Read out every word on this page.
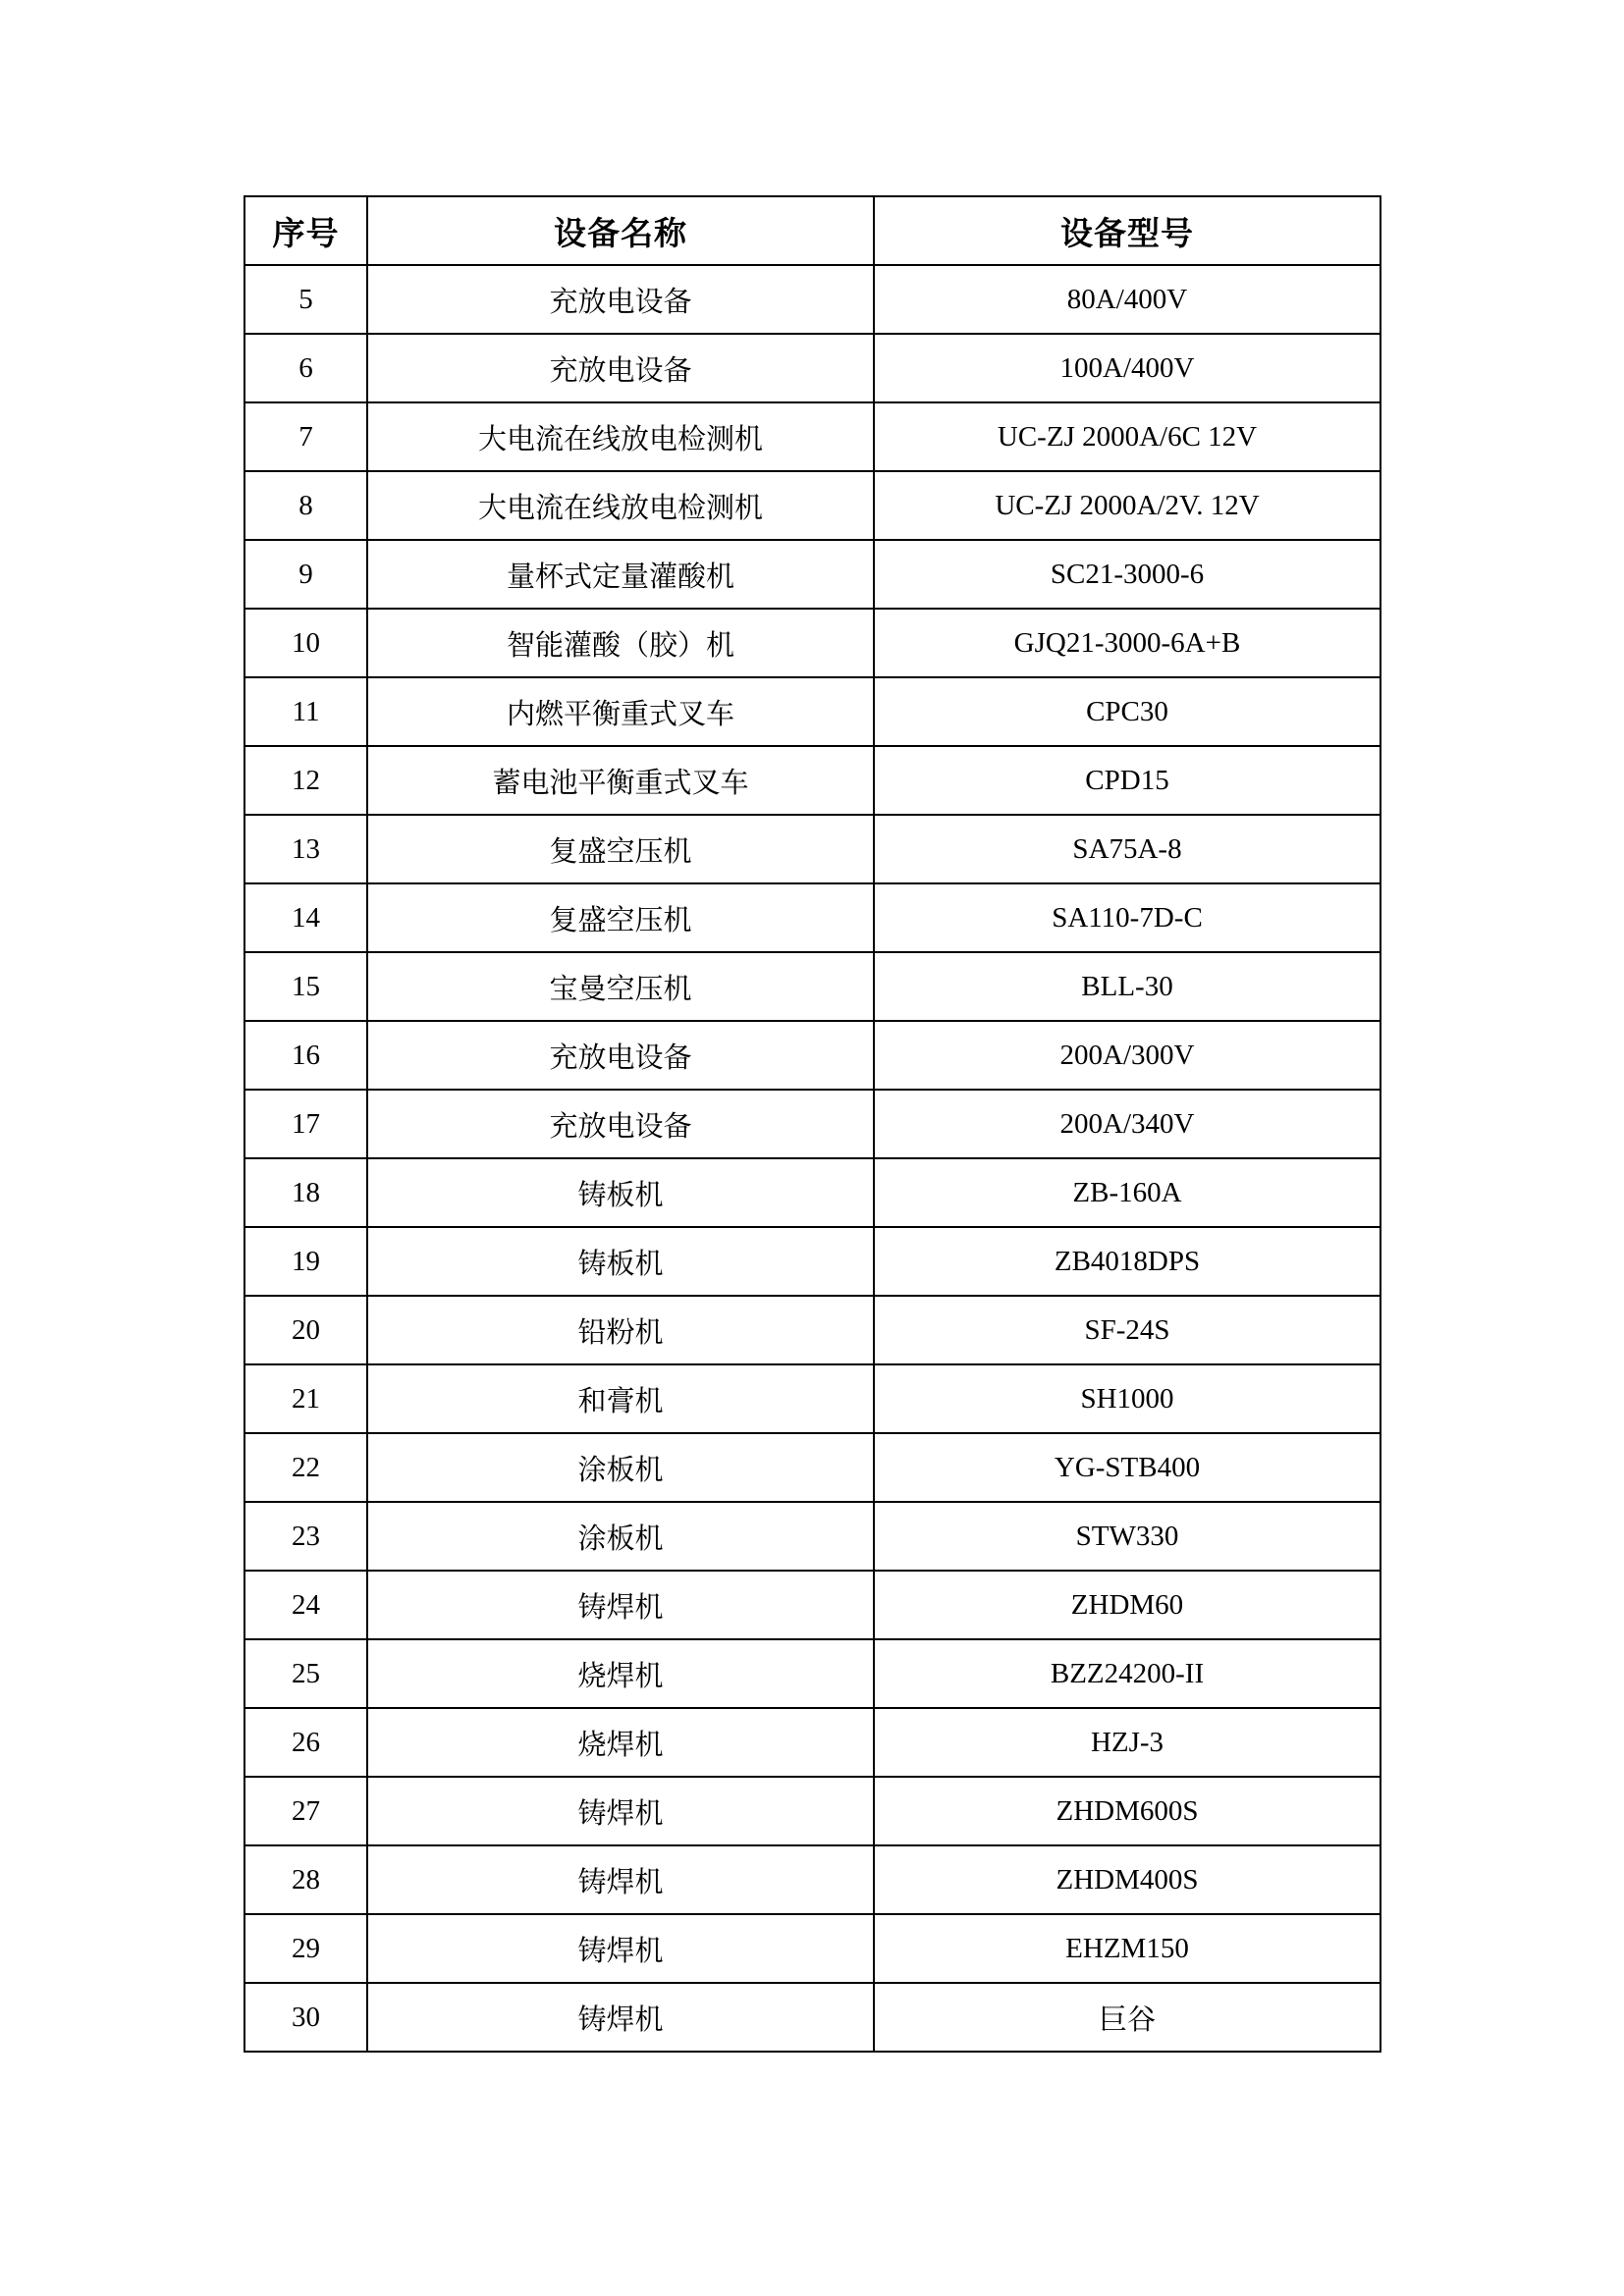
序号	设备名称	设备型号
5	充放电设备	80A/400V
6	充放电设备	100A/400V
7	大电流在线放电检测机	UC-ZJ 2000A/6C 12V
8	大电流在线放电检测机	UC-ZJ 2000A/2V. 12V
9	量杯式定量灌酸机	SC21-3000-6
10	智能灌酸（胶）机	GJQ21-3000-6A+B
11	内燃平衡重式叉车	CPC30
12	蓄电池平衡重式叉车	CPD15
13	复盛空压机	SA75A-8
14	复盛空压机	SA110-7D-C
15	宝曼空压机	BLL-30
16	充放电设备	200A/300V
17	充放电设备	200A/340V
18	铸板机	ZB-160A
19	铸板机	ZB4018DPS
20	铅粉机	SF-24S
21	和膏机	SH1000
22	涂板机	YG-STB400
23	涂板机	STW330
24	铸焊机	ZHDM60
25	烧焊机	BZZ24200-II
26	烧焊机	HZJ-3
27	铸焊机	ZHDM600S
28	铸焊机	ZHDM400S
29	铸焊机	EHZM150
30	铸焊机	巨谷
